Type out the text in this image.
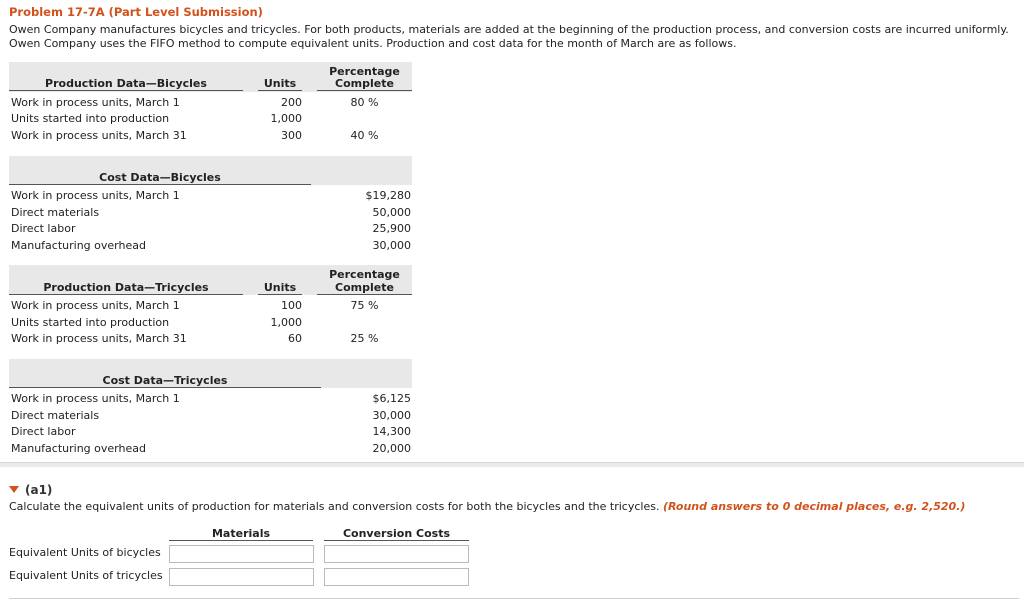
Problem 17-7A (Part Level Submission)
Owen Company manufactures bicycles and tricycles. For both products, materials are added at the beginning of the production process, and conversion costs are incurred uniformly. Owen Company uses the FIFO method to compute equivalent units. Production and cost data for the month of March are as follows.
Production Data—Bicycles	Units
Percentage
Complete
Work in process units, March 1	200	80 %
Units started into production	1,000
Work in process units, March 31	300	40 %
Cost Data—Bicycles
Work in process units, March 1	$19,280
Direct materials	50,000
Direct labor	25,900
Manufacturing overhead	30,000
Production Data—Tricycles	Units
Percentage
Complete
Work in process units, March 1	100	75 %
Units started into production	1,000
Work in process units, March 31	60	25 %
Cost Data—Tricycles
Work in process units, March 1	$6,125
Direct materials	30,000
Direct labor	14,300
Manufacturing overhead	20,000
(a1)
Calculate the equivalent units of production for materials and conversion costs for both the bicycles and the tricycles. (Round answers to 0 decimal places, e.g. 2,520.)
Materials	Conversion Costs
Equivalent Units of bicycles
Equivalent Units of tricycles
